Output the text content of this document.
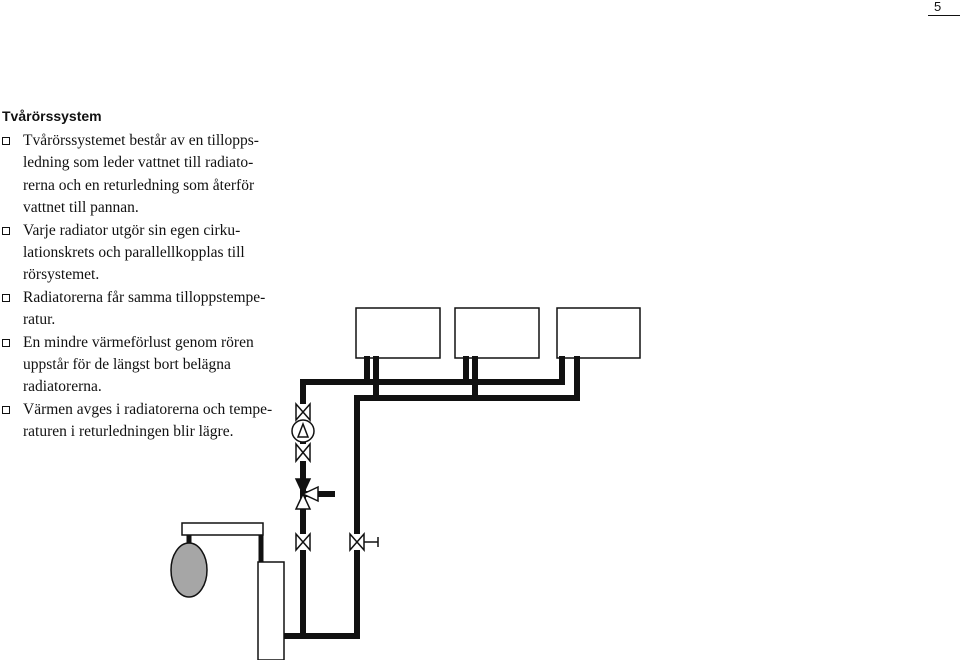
5
Tvårörssystem
Tvårörssystemet består av en tillopps-
ledning som leder vattnet till radiato-
rerna och en returledning som återför
vattnet till pannan.
Varje radiator utgör sin egen cirku-
lationskrets och parallellkopplas till
rörsystemet.
Radiatorerna får samma tilloppstempe-
ratur.
En mindre värmeförlust genom rören
uppstår för de längst bort belägna
radiatorerna.
Värmen avges i radiatorerna och tempe-
raturen i returledningen blir lägre.
